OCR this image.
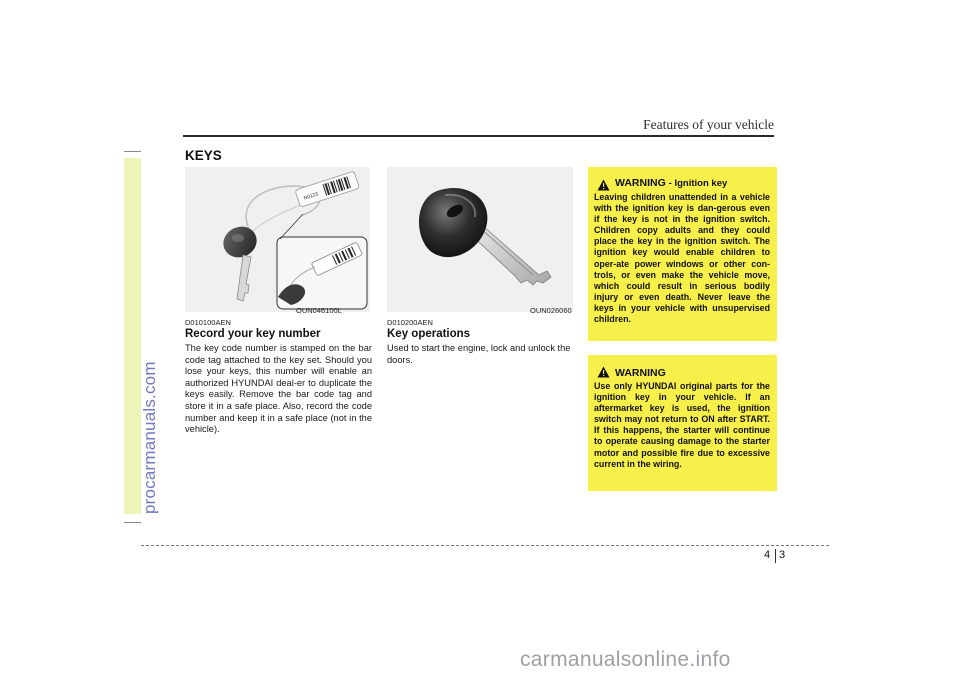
procarmanuals.com
Features of your vehicle
KEYS
N0123
OUN046100L
D010100AEN
Record your key number
The key code number is stamped on the bar code tag attached to the key set. Should you lose your keys, this number will enable an authorized HYUNDAI deal-er to duplicate the keys easily. Remove the bar code tag and store it in a safe place. Also, record the code number and keep it in a safe place (not in the vehicle).
OUN026060
D010200AEN
Key operations
Used to start the engine, lock and unlock the doors.
WARNING - Ignition key
Leaving children unattended in a vehicle with the ignition key is dan-gerous even if the key is not in the ignition switch. Children copy adults and they could place the key in the ignition switch. The ignition key would enable children to oper-ate power windows or other con-trols, or even make the vehicle move, which could result in serious bodily injury or even death. Never leave the keys in your vehicle with unsupervised children.
WARNING
Use only HYUNDAI original parts for the ignition key in your vehicle. If an aftermarket key is used, the ignition switch may not return to ON after START. If this happens, the starter will continue to operate causing damage to the starter motor and possible fire due to excessive current in the wiring.
4 3
carmanualsonline.info
